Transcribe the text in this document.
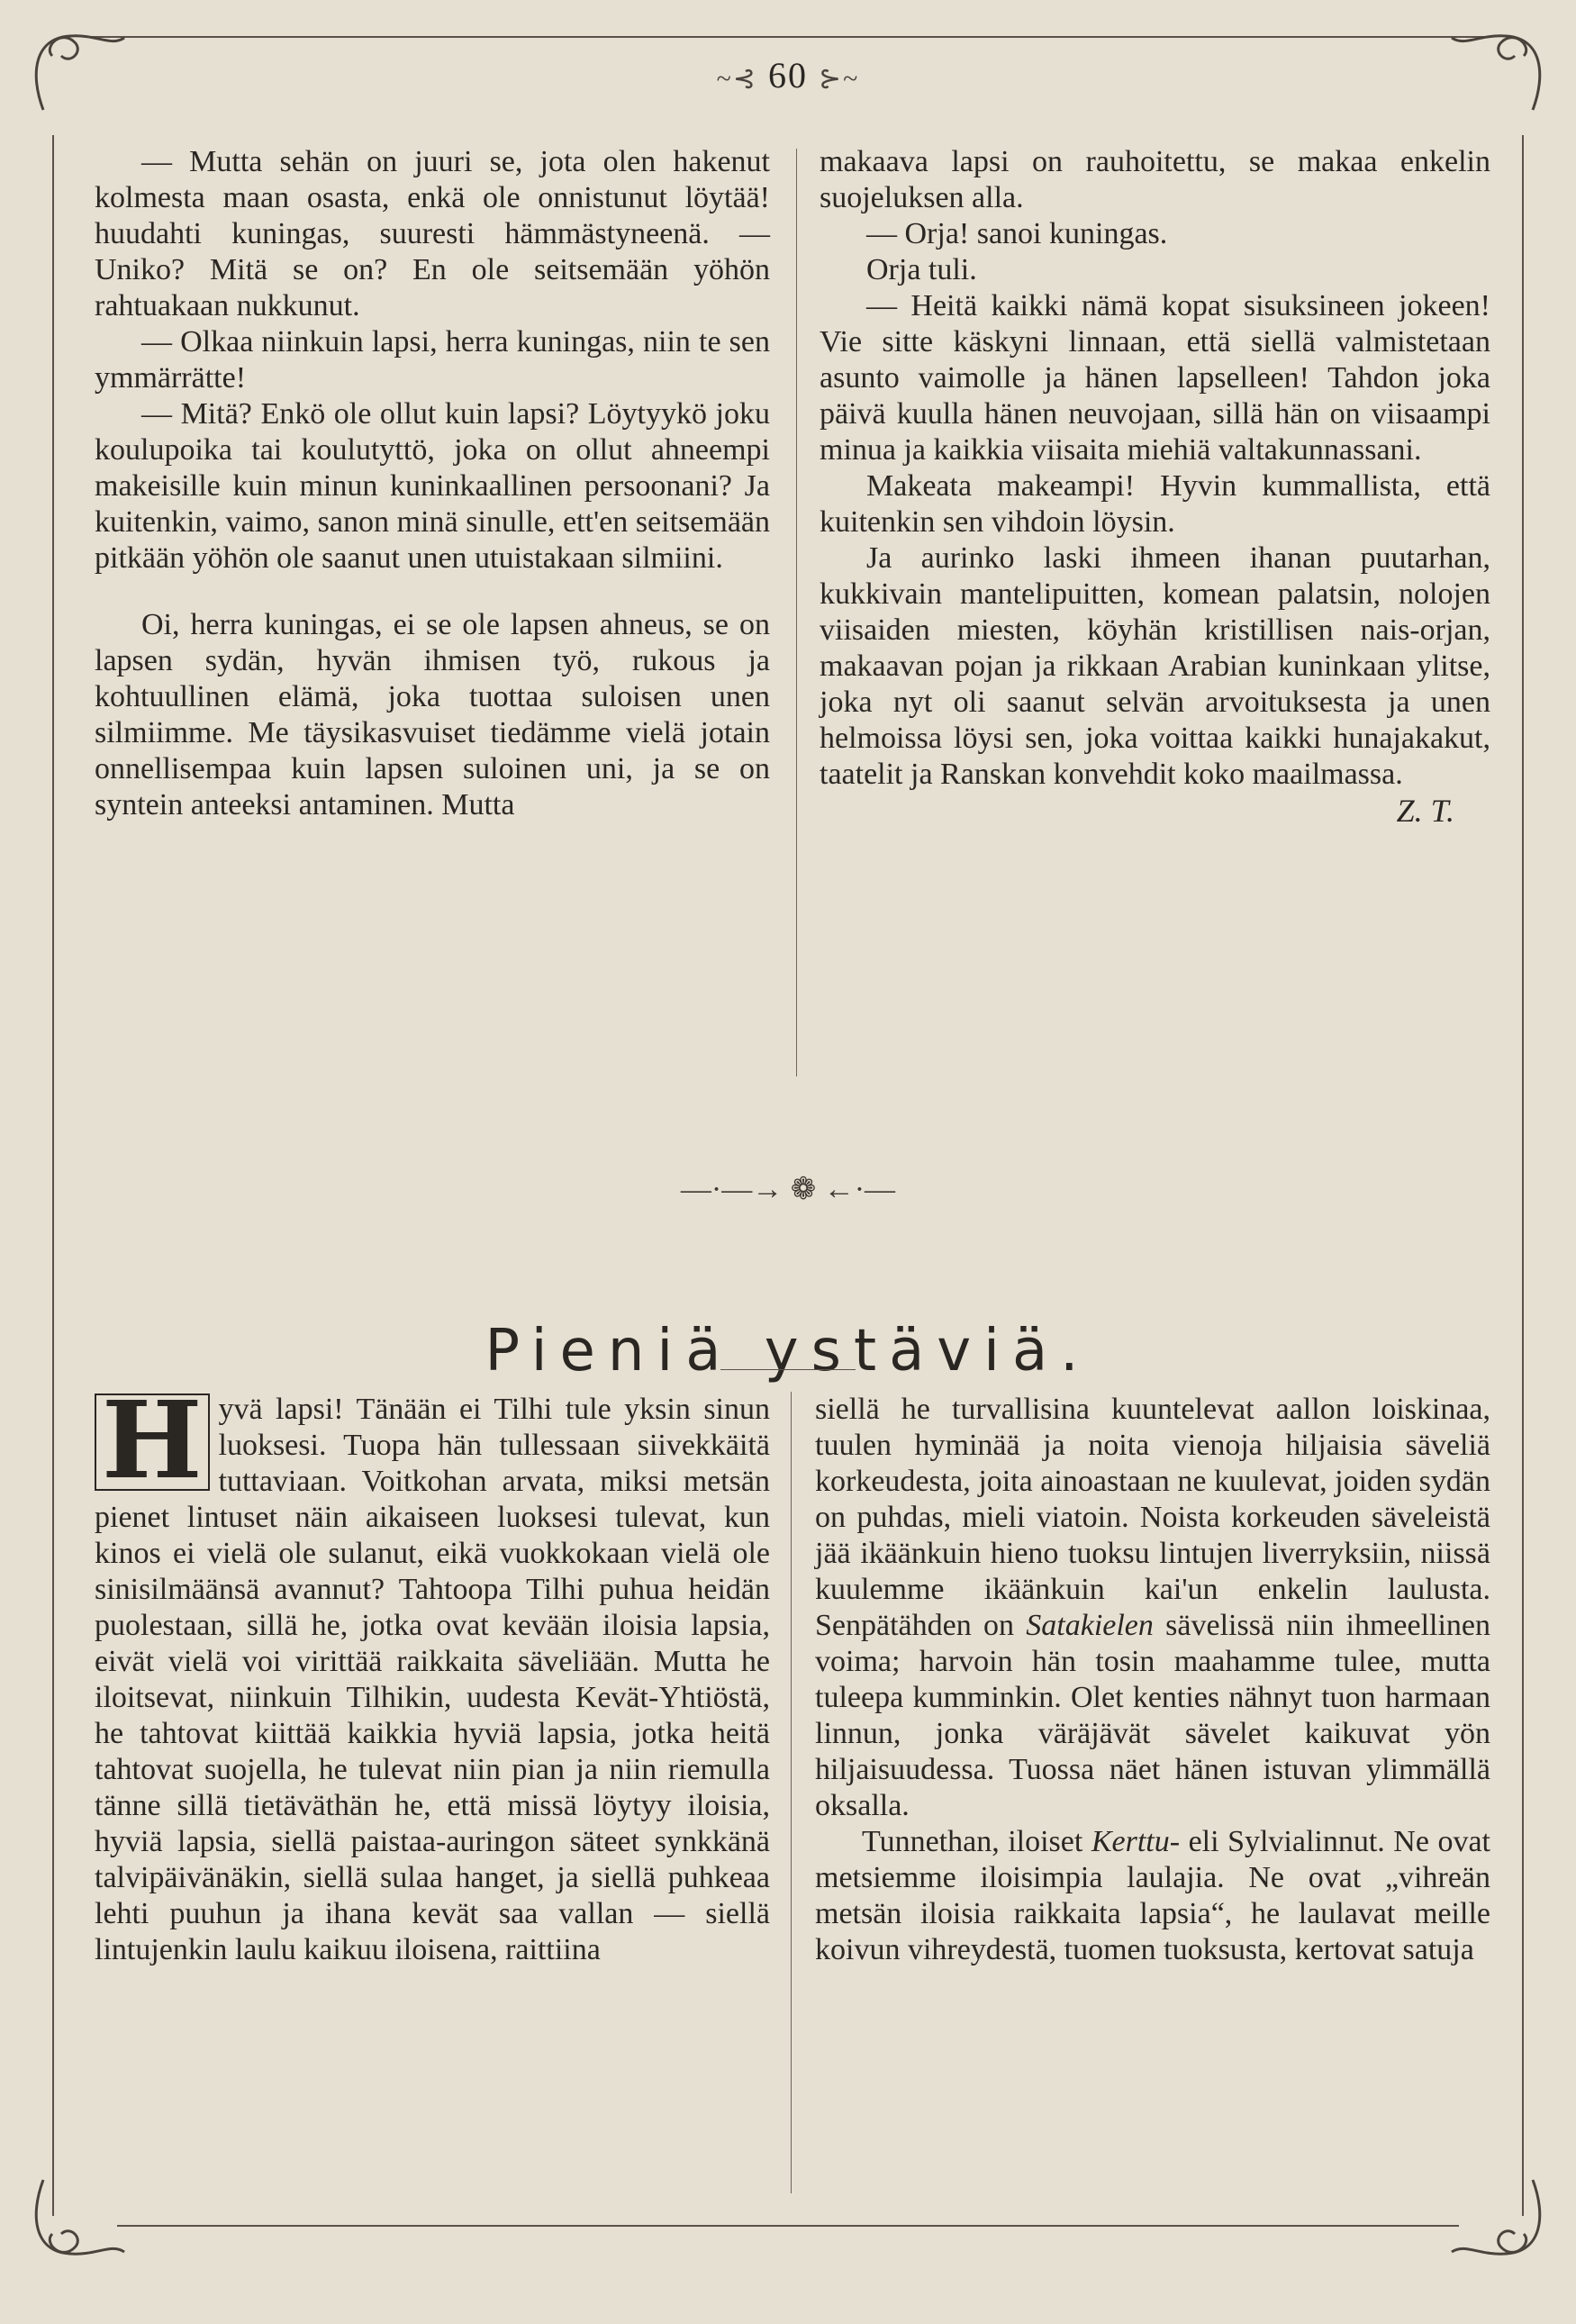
~⊰ 60 ⊱~

— Mutta sehän on juuri se, jota olen hakenut kolmesta maan osasta, enkä ole onnistunut löytää! huudahti kuningas, suuresti hämmästyneenä. — Uniko? Mitä se on? En ole seitsemään yöhön rahtuakaan nukkunut.

— Olkaa niinkuin lapsi, herra kuningas, niin te sen ymmärrätte!

— Mitä? Enkö ole ollut kuin lapsi? Löytyykö joku koulupoika tai koulutyttö, joka on ollut ahneempi makeisille kuin minun kuninkaallinen persoonani? Ja kuitenkin, vaimo, sanon minä sinulle, ett'en seitsemään pitkään yöhön ole saanut unen utuistakaan silmiini.

Oi, herra kuningas, ei se ole lapsen ahneus, se on lapsen sydän, hyvän ihmisen työ, rukous ja kohtuullinen elämä, joka tuottaa suloisen unen silmiimme. Me täysikasvuiset tiedämme vielä jotain onnellisempaa kuin lapsen suloinen uni, ja se on syntein anteeksi antaminen. Mutta

makaava lapsi on rauhoitettu, se makaa enkelin suojeluksen alla.

— Orja! sanoi kuningas.

Orja tuli.

— Heitä kaikki nämä kopat sisuksineen jokeen! Vie sitte käskyni linnaan, että siellä valmistetaan asunto vaimolle ja hänen lapselleen! Tahdon joka päivä kuulla hänen neuvojaan, sillä hän on viisaampi minua ja kaikkia viisaita miehiä valtakunnassani.

Makeata makeampi! Hyvin kummallista, että kuitenkin sen vihdoin löysin.

Ja aurinko laski ihmeen ihanan puutarhan, kukkivain mantelipuitten, komean palatsin, nolojen viisaiden miesten, köyhän kristillisen nais-orjan, makaavan pojan ja rikkaan Arabian kuninkaan ylitse, joka nyt oli saanut selvän arvoituksesta ja unen helmoissa löysi sen, joka voittaa kaikki hunajakakut, taatelit ja Ranskan konvehdit koko maailmassa.

Z. T.

—·—→ ❁ ←·—
Pieniä ystäviä.

H yvä lapsi! Tänään ei Tilhi tule yksin sinun luoksesi. Tuopa hän tullessaan siivekkäitä tuttaviaan. Voitkohan arvata, miksi metsän pienet lintuset näin aikaiseen luoksesi tulevat, kun kinos ei vielä ole sulanut, eikä vuokkokaan vielä ole sinisilmäänsä avannut? Tahtoopa Tilhi puhua heidän puolestaan, sillä he, jotka ovat kevään iloisia lapsia, eivät vielä voi virittää raikkaita säveliään. Mutta he iloitsevat, niinkuin Tilhikin, uudesta Kevät-Yhtiöstä, he tahtovat kiittää kaikkia hyviä lapsia, jotka heitä tahtovat suojella, he tulevat niin pian ja niin riemulla tänne sillä tietäväthän he, että missä löytyy iloisia, hyviä lapsia, siellä paistaa-auringon säteet synkkänä talvipäivänäkin, siellä sulaa hanget, ja siellä puhkeaa lehti puuhun ja ihana kevät saa vallan — siellä lintujenkin laulu kaikuu iloisena, raittiina

siellä he turvallisina kuuntelevat aallon loiskinaa, tuulen hyminää ja noita vienoja hiljaisia säveliä korkeudesta, joita ainoastaan ne kuulevat, joiden sydän on puhdas, mieli viatoin. Noista korkeuden säveleistä jää ikäänkuin hieno tuoksu lintujen liverryksiin, niissä kuulemme ikäänkuin kai'un enkelin laulusta. Senpätähden on Satakielen sävelissä niin ihmeellinen voima; harvoin hän tosin maahamme tulee, mutta tuleepa kumminkin. Olet kenties nähnyt tuon harmaan linnun, jonka väräjävät sävelet kaikuvat yön hiljaisuudessa. Tuossa näet hänen istuvan ylimmällä oksalla.

Tunnethan, iloiset Kerttu- eli Sylvialinnut. Ne ovat metsiemme iloisimpia laulajia. Ne ovat „vihreän metsän iloisia raikkaita lapsia“, he laulavat meille koivun vihreydestä, tuomen tuoksusta, kertovat satuja
